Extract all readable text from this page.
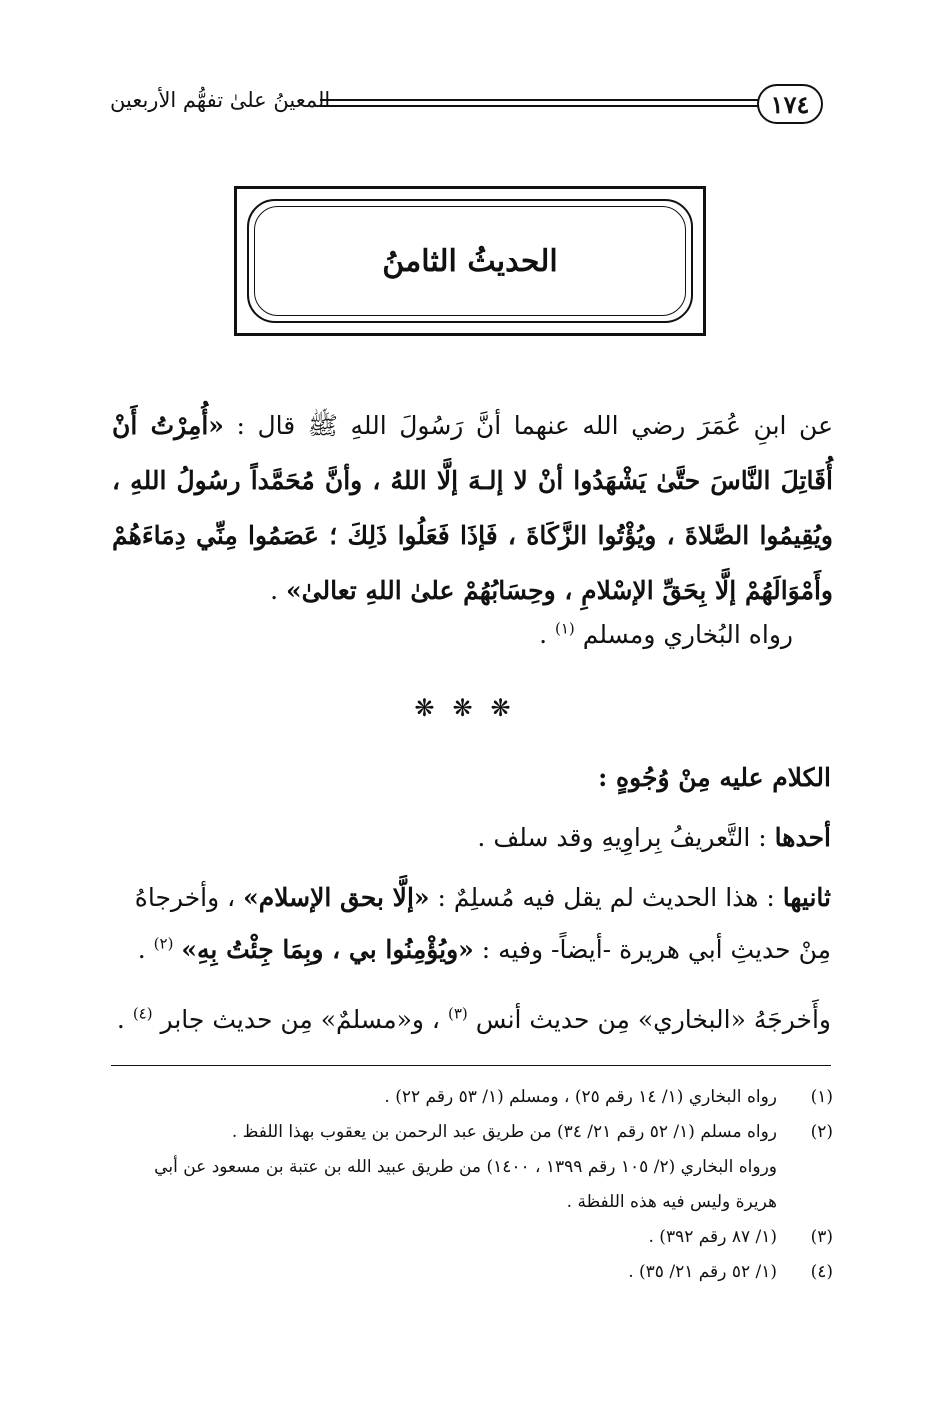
١٧٤
المعينُ علىٰ تفهُّم الأربعين
الحديثُ الثامنُ
عن ابنِ عُمَرَ رضي الله عنهما أنَّ رَسُولَ اللهِ ﷺ قال : «أُمِرْتُ أَنْ أُقَاتِلَ النَّاسَ حتَّىٰ يَشْهَدُوا أنْ لا إلـهَ إلَّا اللهُ ، وأنَّ مُحَمَّداً رسُولُ اللهِ ، ويُقِيمُوا الصَّلاةَ ، ويُؤْتُوا الزَّكَاةَ ، فَإذَا فَعَلُوا ذَلِكَ ؛ عَصَمُوا مِنِّي دِمَاءَهُمْ وأَمْوَالَهُمْ إلَّا بِحَقِّ الإسْلامِ ، وحِسَابُهُمْ علىٰ اللهِ تعالىٰ» .
رواه البُخاري ومسلم $^{(١)}$ .
❋❋❋
الكلام عليه مِنْ وُجُوهٍ :
أحدها : التَّعريفُ بِراوِيهِ وقد سلف .
ثانيها : هذا الحديث لم يقل فيه مُسلِمٌ : «إلَّا بحق الإسلام» ، وأخرجاهُ مِنْ حديثِ أبي هريرة -أيضاً- وفيه : «ويُؤْمِنُوا بي ، وبِمَا جِئْتُ بِهِ» $^{(٢)}$ .
وأَخرجَهُ «البخاري» مِن حديث أنس $^{(٣)}$ ، و«مسلمٌ» مِن حديث جابر $^{(٤)}$ .
(١)
رواه البخاري (١/ ١٤ رقم ٢٥) ، ومسلم (١/ ٥٣ رقم ٢٢) .
(٢)
رواه مسلم (١/ ٥٢ رقم ٢١/ ٣٤) من طريق عبد الرحمن بن يعقوب بهذا اللفظ .
ورواه البخاري (٢/ ١٠٥ رقم ١٣٩٩ ، ١٤٠٠) من طريق عبيد الله بن عتبة بن مسعود عن أبي هريرة وليس فيه هذه اللفظة .
(٣)
(١/ ٨٧ رقم ٣٩٢) .
(٤)
(١/ ٥٢ رقم ٢١/ ٣٥) .
